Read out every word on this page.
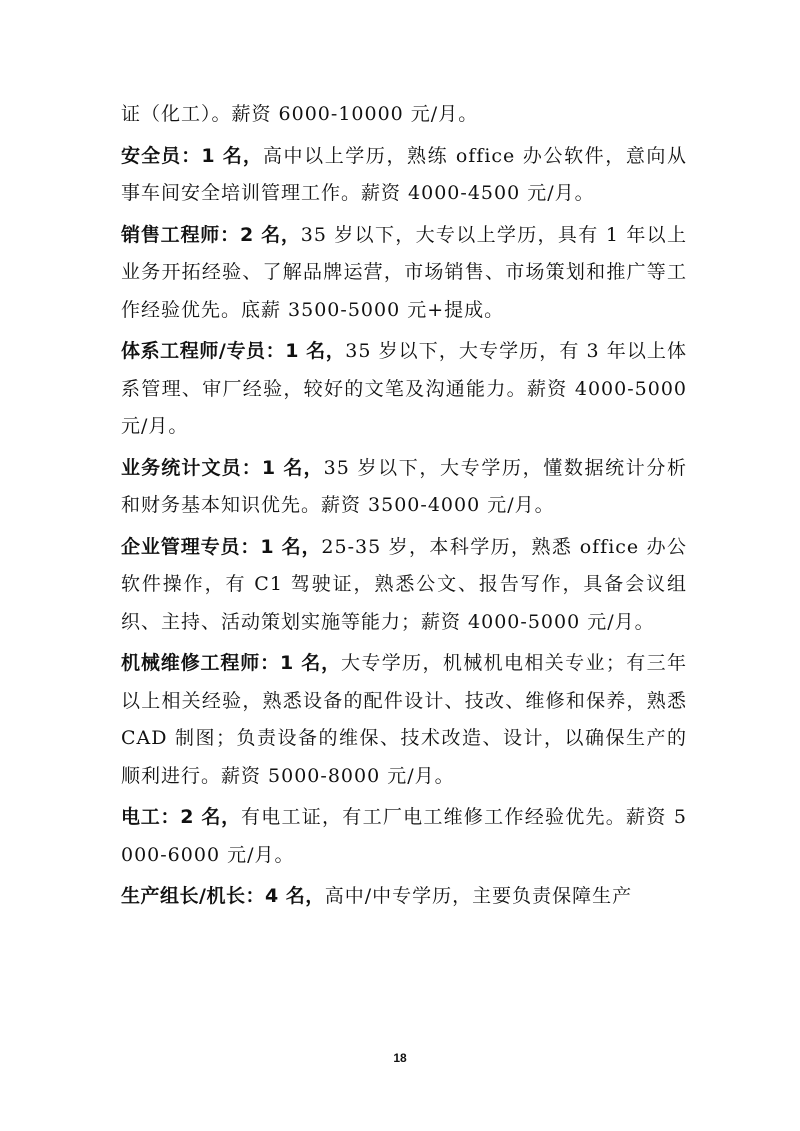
证（化工）。薪资 6000-10000 元/月。

安全员：1 名，高中以上学历，熟练 office 办公软件，意向从事车间安全培训管理工作。薪资 4000-4500 元/月。

销售工程师：2 名，35 岁以下，大专以上学历，具有 1 年以上业务开拓经验、了解品牌运营，市场销售、市场策划和推广等工作经验优先。底薪 3500-5000 元+提成。

体系工程师/专员：1 名，35 岁以下，大专学历，有 3 年以上体系管理、审厂经验，较好的文笔及沟通能力。薪资 4000-5000 元/月。

业务统计文员：1 名，35 岁以下，大专学历，懂数据统计分析和财务基本知识优先。薪资 3500-4000 元/月。

企业管理专员：1 名，25-35 岁，本科学历，熟悉 office 办公软件操作，有 C1 驾驶证，熟悉公文、报告写作，具备会议组织、主持、活动策划实施等能力；薪资 4000-5000 元/月。

机械维修工程师：1 名，大专学历，机械机电相关专业；有三年以上相关经验，熟悉设备的配件设计、技改、维修和保养，熟悉 CAD 制图；负责设备的维保、技术改造、设计，以确保生产的顺利进行。薪资 5000-8000 元/月。

电工：2 名，有电工证，有工厂电工维修工作经验优先。薪资 5000-6000 元/月。

生产组长/机长：4 名，高中/中专学历，主要负责保障生产

18
